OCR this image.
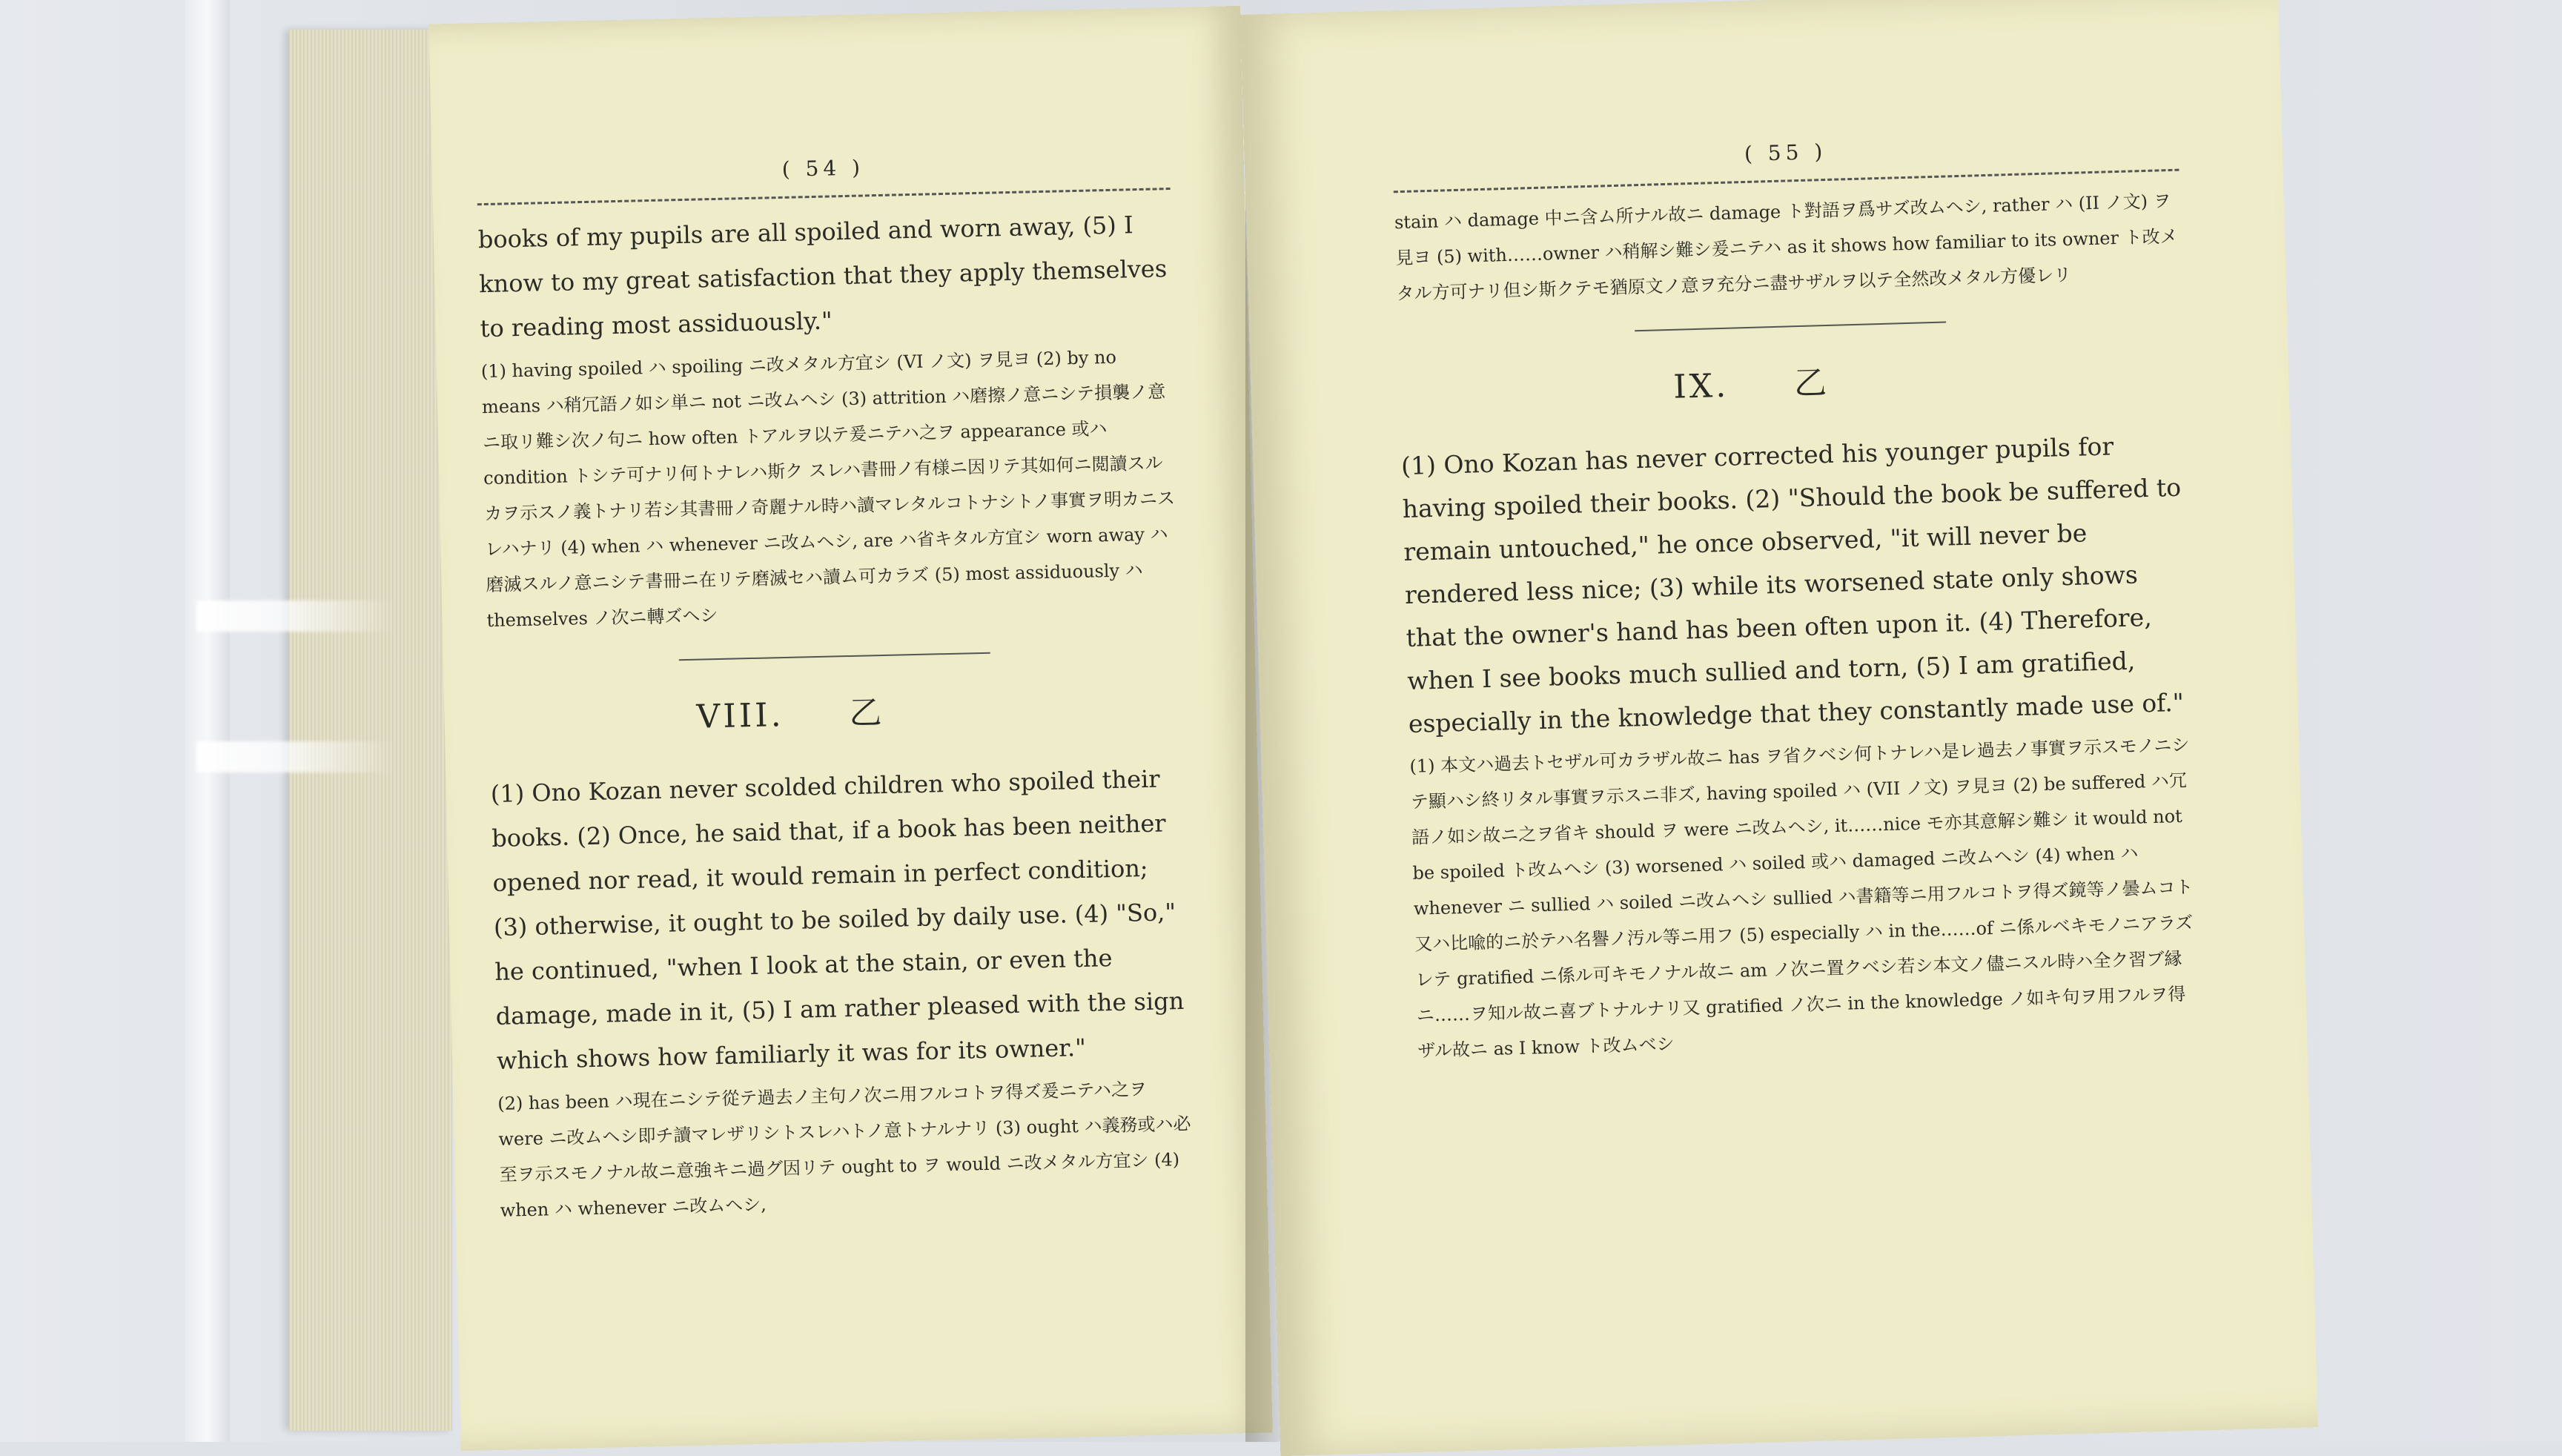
( 54 )

books of my pupils are all spoiled and worn away, (5) I know to my great satisfaction that they apply themselves to reading most assiduously."

(1) having spoiled ハ spoiling ニ改メタル方宜シ (VI ノ文) ヲ見ヨ (2) by no means ハ稍冗語ノ如シ単ニ not ニ改ムヘシ (3) attrition ハ磨擦ノ意ニシテ損襲ノ意ニ取リ難シ次ノ句ニ how often トアルヲ以テ爰ニテハ之ヲ appearance 或ハ condition トシテ可ナリ何トナレハ斯ク スレハ書冊ノ有様ニ因リテ其如何ニ閲讀スルカヲ示スノ義トナリ若シ其書冊ノ奇麗ナル時ハ讀マレタルコトナシトノ事實ヲ明カニスレハナリ (4) when ハ whenever ニ改ムヘシ, are ハ省キタル方宜シ worn away ハ磨滅スルノ意ニシテ書冊ニ在リテ磨滅セハ讀ム可カラズ (5) most assiduously ハ themselves ノ次ニ轉ズヘシ

VIII. 乙

(1) Ono Kozan never scolded children who spoiled their books. (2) Once, he said that, if a book has been neither opened nor read, it would remain in perfect condition; (3) otherwise, it ought to be soiled by daily use. (4) "So," he continued, "when I look at the stain, or even the damage, made in it, (5) I am rather pleased with the sign which shows how familiarly it was for its owner."

(2) has been ハ現在ニシテ從テ過去ノ主句ノ次ニ用フルコトヲ得ズ爰ニテハ之ヲ were ニ改ムヘシ即チ讀マレザリシトスレハトノ意トナルナリ (3) ought ハ義務或ハ必至ヲ示スモノナル故ニ意強キニ過グ因リテ ought to ヲ would ニ改メタル方宜シ (4) when ハ whenever ニ改ムヘシ,

( 55 )

stain ハ damage 中ニ含ム所ナル故ニ damage ト對語ヲ爲サズ改ムヘシ, rather ハ (II ノ文) ヲ見ヨ (5) with……owner ハ稍解シ難シ爰ニテハ as it shows how familiar to its owner ト改メタル方可ナリ但シ斯クテモ猶原文ノ意ヲ充分ニ盡サザルヲ以テ全然改メタル方優レリ

IX. 乙

(1) Ono Kozan has never corrected his younger pupils for having spoiled their books. (2) "Should the book be suffered to remain untouched," he once observed, "it will never be rendered less nice; (3) while its worsened state only shows that the owner's hand has been often upon it. (4) Therefore, when I see books much sullied and torn, (5) I am gratified, especially in the knowledge that they constantly made use of."

(1) 本文ハ過去トセザル可カラザル故ニ has ヲ省クベシ何トナレハ是レ過去ノ事實ヲ示スモノニシテ顯ハシ終リタル事實ヲ示スニ非ズ, having spoiled ハ (VII ノ文) ヲ見ヨ (2) be suffered ハ冗語ノ如シ故ニ之ヲ省キ should ヲ were ニ改ムヘシ, it……nice モ亦其意解シ難シ it would not be spoiled ト改ムヘシ (3) worsened ハ soiled 或ハ damaged ニ改ムヘシ (4) when ハ whenever ニ sullied ハ soiled ニ改ムヘシ sullied ハ書籍等ニ用フルコトヲ得ズ鏡等ノ曇ムコト又ハ比喩的ニ於テハ名譽ノ汚ル等ニ用フ (5) especially ハ in the……of ニ係ルベキモノニアラズ レテ gratified ニ係ル可キモノナル故ニ am ノ次ニ置クベシ若シ本文ノ儘ニスル時ハ全ク習ブ縁ニ……ヲ知ル故ニ喜ブトナルナリ又 gratified ノ次ニ in the knowledge ノ如キ句ヲ用フルヲ得ザル故ニ as I know ト改ムベシ
